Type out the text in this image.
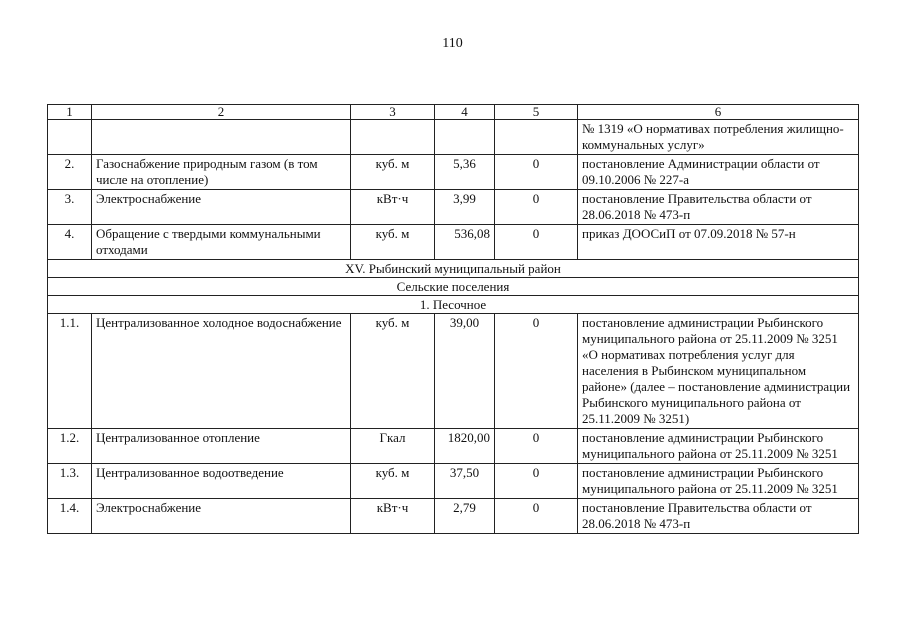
110
1	2	3	4	5	6
					№ 1319 «О нормативах потребления жилищно-коммунальных услуг»
2.	Газоснабжение природным газом (в том числе на отопление)	куб. м	5,36	0	постановление Администрации области от 09.10.2006 № 227-а
3.	Электроснабжение	кВт·ч	3,99	0	постановление Правительства области от 28.06.2018 № 473-п
4.	Обращение с твердыми коммунальными отходами	куб. м	536,08	0	приказ ДООСиП от 07.09.2018 № 57-н
XV. Рыбинский муниципальный район					
Сельские поселения					
1. Песочное					
1.1.	Централизованное холодное водоснабжение	куб. м	39,00	0	постановление администрации Рыбинского муниципального района от 25.11.2009 № 3251 «О нормативах потребления услуг для населения в Рыбинском муниципальном районе» (далее – постановление администрации Рыбинского муниципального района от 25.11.2009 № 3251)
1.2.	Централизованное отопление	Гкал	1820,00	0	постановление администрации Рыбинского муниципального района от 25.11.2009 № 3251
1.3.	Централизованное водоотведение	куб. м	37,50	0	постановление администрации Рыбинского муниципального района от 25.11.2009 № 3251
1.4.	Электроснабжение	кВт·ч	2,79	0	постановление Правительства области от 28.06.2018 № 473-п
